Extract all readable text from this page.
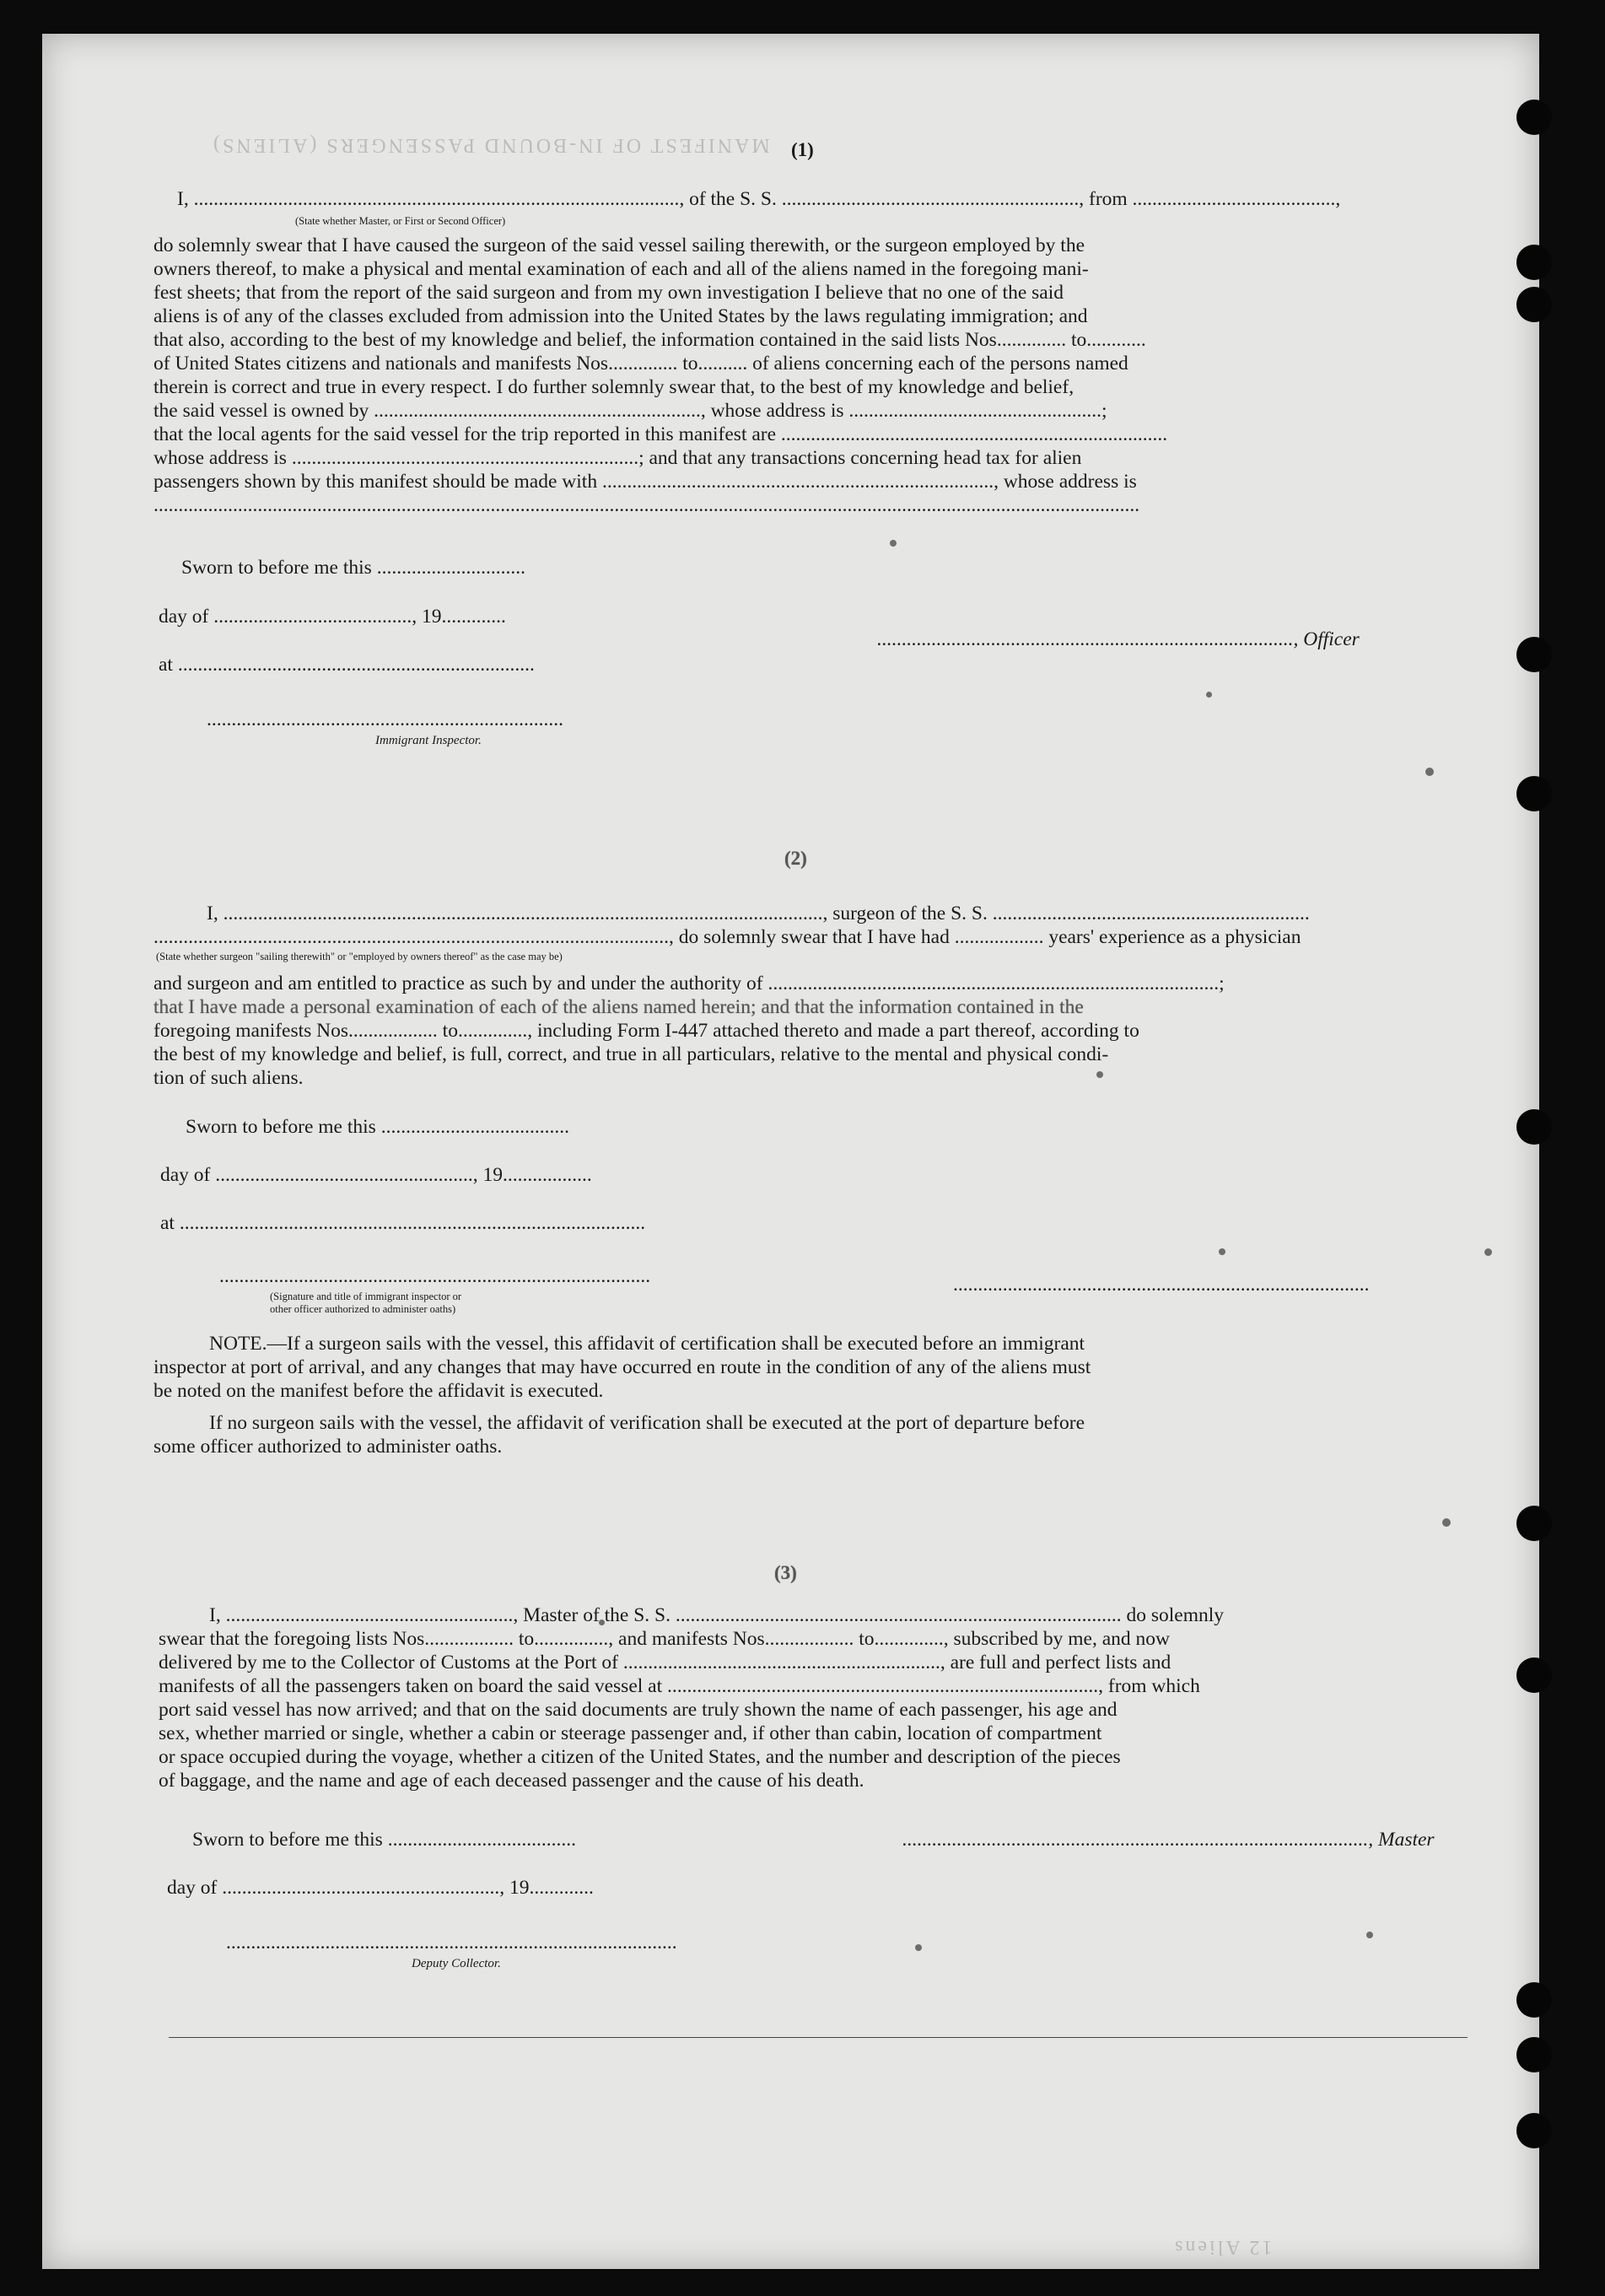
MANIFEST OF IN-BOUND PASSENGERS (ALIENS)
12 Aliens
(1)
I, .................................................................................................., of the S. S. ............................................................, from .........................................,
(State whether Master, or First or Second Officer)
do solemnly swear that I have caused the surgeon of the said vessel sailing therewith, or the surgeon employed by the
owners thereof, to make a physical and mental examination of each and all of the aliens named in the foregoing mani-
fest sheets; that from the report of the said surgeon and from my own investigation I believe that no one of the said
aliens is of any of the classes excluded from admission into the United States by the laws regulating immigration; and
that also, according to the best of my knowledge and belief, the information contained in the said lists Nos.............. to............
of United States citizens and nationals and manifests Nos.............. to.......... of aliens concerning each of the persons named
therein is correct and true in every respect. I do further solemnly swear that, to the best of my knowledge and belief,
the said vessel is owned by .................................................................., whose address is ...................................................;
that the local agents for the said vessel for the trip reported in this manifest are ..............................................................................
whose address is ......................................................................; and that any transactions concerning head tax for alien
passengers shown by this manifest should be made with ..............................................................................., whose address is
.......................................................................................................................................................................................................
Sworn to before me this ..............................
day of ........................................, 19.............
at ........................................................................
........................................................................
Immigrant Inspector.
...................................................................................., Officer
(2)
I, ........................................................................................................................., surgeon of the S. S. ................................................................
........................................................................................................, do solemnly swear that I have had .................. years' experience as a physician
(State whether surgeon "sailing therewith" or "employed by owners thereof" as the case may be)
and surgeon and am entitled to practice as such by and under the authority of ...........................................................................................;
that I have made a personal examination of each of the aliens named herein; and that the information contained in the
foregoing manifests Nos.................. to.............., including Form I-447 attached thereto and made a part thereof, according to
the best of my knowledge and belief, is full, correct, and true in all particulars, relative to the mental and physical condi-
tion of such aliens.
Sworn to before me this ......................................
day of ...................................................., 19..................
at ..............................................................................................
.......................................................................................
(Signature and title of immigrant inspector or
other officer authorized to administer oaths)
....................................................................................
NOTE.—If a surgeon sails with the vessel, this affidavit of certification shall be executed before an immigrant
inspector at port of arrival, and any changes that may have occurred en route in the condition of any of the aliens must
be noted on the manifest before the affidavit is executed.
If no surgeon sails with the vessel, the affidavit of verification shall be executed at the port of departure before
some officer authorized to administer oaths.
(3)
I, .........................................................., Master of the S. S. .......................................................................................... do solemnly
swear that the foregoing lists Nos.................. to..............., and manifests Nos.................. to.............., subscribed by me, and now
delivered by me to the Collector of Customs at the Port of ................................................................, are full and perfect lists and
manifests of all the passengers taken on board the said vessel at ......................................................................................., from which
port said vessel has now arrived; and that on the said documents are truly shown the name of each passenger, his age and
sex, whether married or single, whether a cabin or steerage passenger and, if other than cabin, location of compartment
or space occupied during the voyage, whether a citizen of the United States, and the number and description of the pieces
of baggage, and the name and age of each deceased passenger and the cause of his death.
Sworn to before me this ......................................
day of ........................................................, 19.............
...........................................................................................
Deputy Collector.
.............................................................................................., Master
